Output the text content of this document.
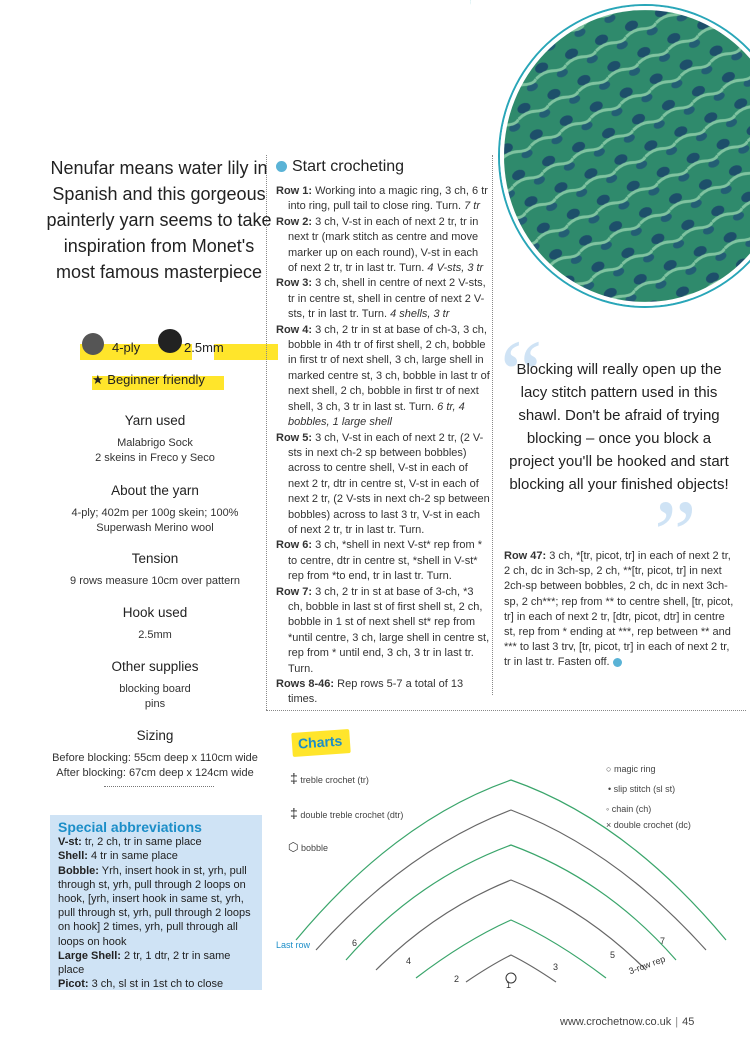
Nenufar means water lily in Spanish and this gorgeous painterly yarn seems to take inspiration from Monet's most famous masterpiece
4-ply	2.5mm
★ Beginner friendly
Yarn used
Malabrigo Sock
2 skeins in Freco y Seco
About the yarn
4-ply; 402m per 100g skein; 100% Superwash Merino wool
Tension
9 rows measure 10cm over pattern
Hook used
2.5mm
Other supplies
blocking board
pins
Sizing
Before blocking: 55cm deep x 110cm wide
After blocking: 67cm deep x 124cm wide
Special abbreviations
V-st: tr, 2 ch, tr in same place
Shell: 4 tr in same place
Bobble: Yrh, insert hook in st, yrh, pull through st, yrh, pull through 2 loops on hook, [yrh, insert hook in same st, yrh, pull through st, yrh, pull through 2 loops on hook] 2 times, yrh, pull through all loops on hook
Large Shell: 2 tr, 1 dtr, 2 tr in same place
Picot: 3 ch, sl st in 1st ch to close
Start crocheting
Row 1: Working into a magic ring, 3 ch, 6 tr into ring, pull tail to close ring. Turn. 7 tr
Row 2: 3 ch, V-st in each of next 2 tr, tr in next tr (mark stitch as centre and move marker up on each round), V-st in each of next 2 tr, tr in last tr. Turn. 4 V-sts, 3 tr
Row 3: 3 ch, shell in centre of next 2 V-sts, tr in centre st, shell in centre of next 2 V-sts, tr in last tr. Turn. 4 shells, 3 tr
Row 4: 3 ch, 2 tr in st at base of ch-3, 3 ch, bobble in 4th tr of first shell, 2 ch, bobble in first tr of next shell, 3 ch, large shell in marked centre st, 3 ch, bobble in last tr of next shell, 2 ch, bobble in first tr of next shell, 3 ch, 3 tr in last st. Turn. 6 tr, 4 bobbles, 1 large shell
Row 5: 3 ch, V-st in each of next 2 tr, (2 V-sts in next ch-2 sp between bobbles) across to centre shell, V-st in each of next 2 tr, dtr in centre st, V-st in each of next 2 tr, (2 V-sts in next ch-2 sp between bobbles) across to last 3 tr, V-st in each of next 2 tr, tr in last tr. Turn.
Row 6: 3 ch, *shell in next V-st* rep from * to centre, dtr in centre st, *shell in V-st* rep from *to end, tr in last tr. Turn.
Row 7: 3 ch, 2 tr in st at base of 3-ch, *3 ch, bobble in last st of first shell st, 2 ch, bobble in 1 st of next shell st* rep from *until centre, 3 ch, large shell in centre st, rep from * until end, 3 ch, 3 tr in last tr. Turn.
Rows 8-46: Rep rows 5-7 a total of 13 times.
“
”
Blocking will really open up the lacy stitch pattern used in this shawl. Don't be afraid of trying blocking – once you block a project you'll be hooked and start blocking all your finished objects!
Row 47: 3 ch, *[tr, picot, tr] in each of next 2 tr, 2 ch, dc in 3ch-sp, 2 ch, **[tr, picot, tr] in next 2ch-sp between bobbles, 2 ch, dc in next 3ch-sp, 2 ch***; rep from ** to centre shell, [tr, picot, tr] in each of next 2 tr, [dtr, picot, dtr] in centre st, rep from * ending at ***, rep between ** and *** to last 3 trv, [tr, picot, tr] in each of next 2 tr, tr in last tr. Fasten off.
Charts
‡ treble crochet (tr)
‡ double treble crochet (dtr)
⬡ bobble
○ magic ring
• slip stitch (sl st)
◦ chain (ch)
× double crochet (dc)
Last row
3-row rep
1
2
3
4
5
6	7
www.crochetnow.co.uk | 45
